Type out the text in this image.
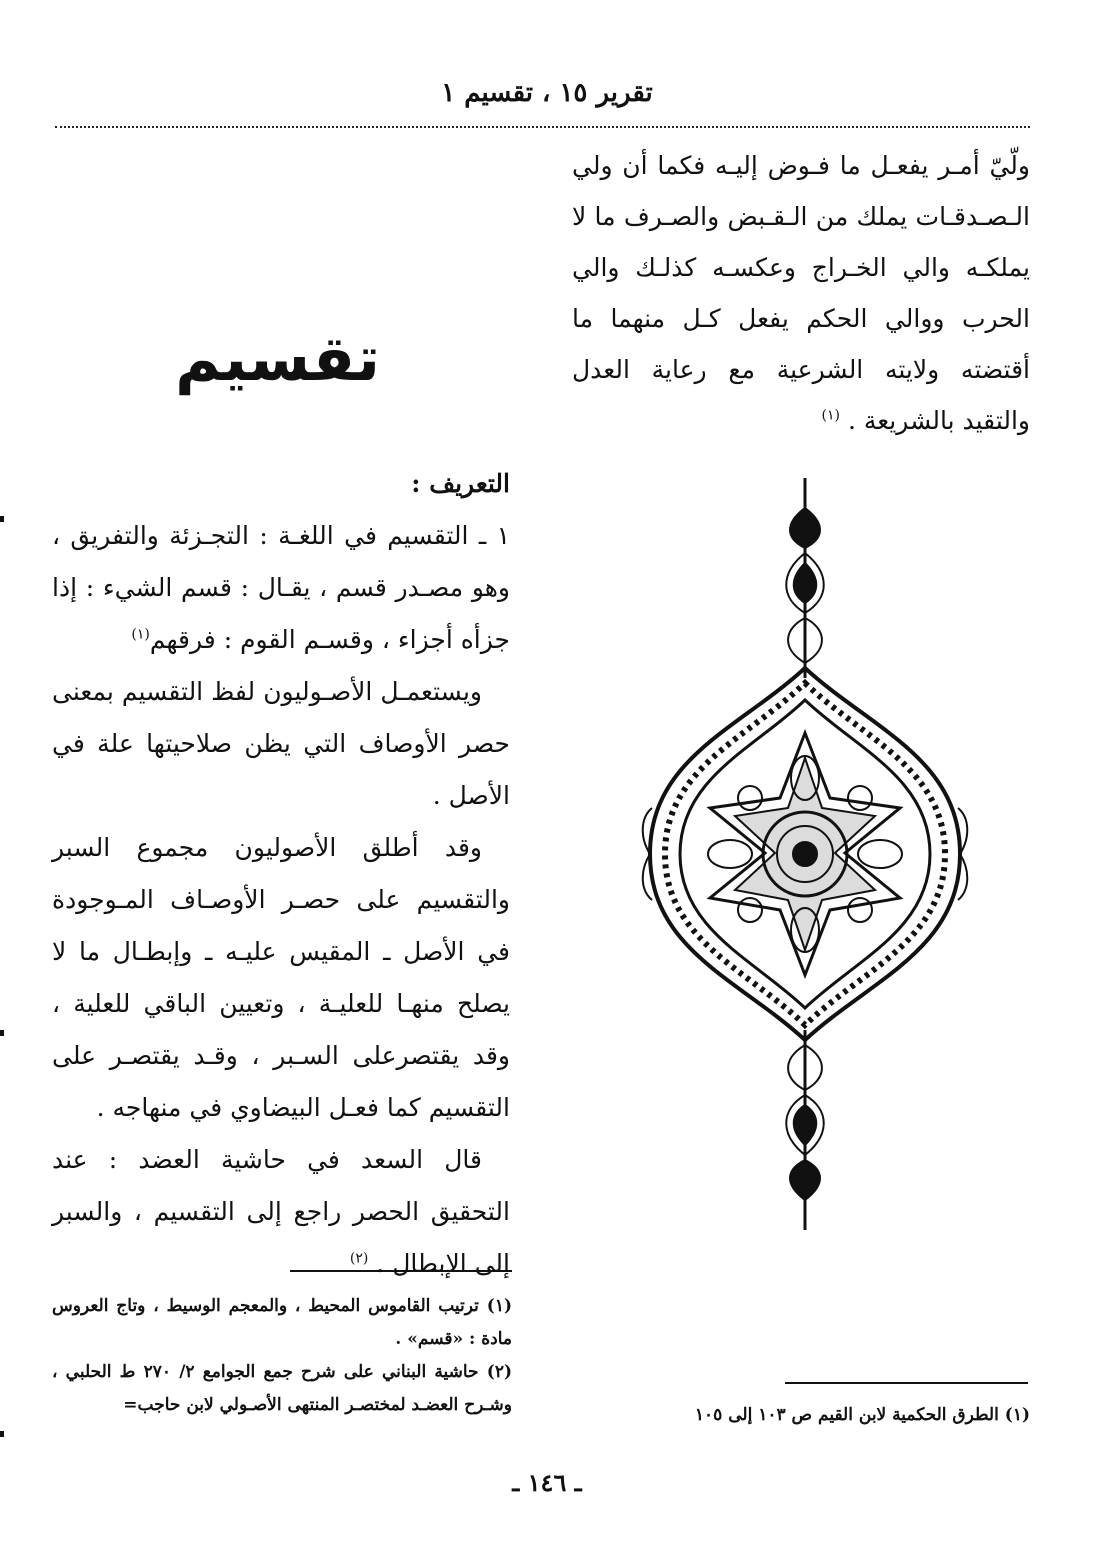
تقرير ١٥ ، تقسيم ١
ولّيّ أمـر يفعـل ما فـوض إليـه فكما أن ولي الـصـدقـات يملك من الـقـبض والصـرف ما لا يملكـه والي الخـراج وعكسـه كذلـك والي الحرب ووالي الحكم يفعل كـل منهما ما أقتضته ولايته الشرعية مع رعاية العدل والتقيد بالشريعة . $^{(١)}$
تقسيم

التعريف :

١ ـ التقسيم في اللغـة : التجـزئة والتفريق ، وهو مصـدر قسم ، يقـال : قسم الشيء : إذا جزأه أجزاء ، وقسـم القوم : فرقهم$^{(١)}$

ويستعمـل الأصـوليون لفظ التقسيم بمعنى حصر الأوصاف التي يظن صلاحيتها علة في الأصل .

وقد أطلق الأصوليون مجموع السبر والتقسيم على حصـر الأوصـاف المـوجودة في الأصل ـ المقيس عليـه ـ وإبطـال ما لا يصلح منهـا للعليـة ، وتعيين الباقي للعلية ، وقد يقتصرعلى السـبر ، وقـد يقتصـر على التقسيم كما فعـل البيضاوي في منهاجه .

قال السعد في حاشية العضد : عند التحقيق الحصر راجع إلى التقسيم ، والسبر إلى الإبطال . $^{(٢)}$

(١) ترتيب القاموس المحيط ، والمعجم الوسيط ، وتاج العروس مادة : «قسم» .

(٢) حاشية البناني على شرح جمع الجوامع ٢/ ٢٧٠ ط الحلبي ، وشـرح العضـد لمختصـر المنتهى الأصـولي لابن حاجب=	(١) الطرق الحكمية لابن القيم ص ١٠٣ إلى ١٠٥

ـ ١٤٦ ـ
